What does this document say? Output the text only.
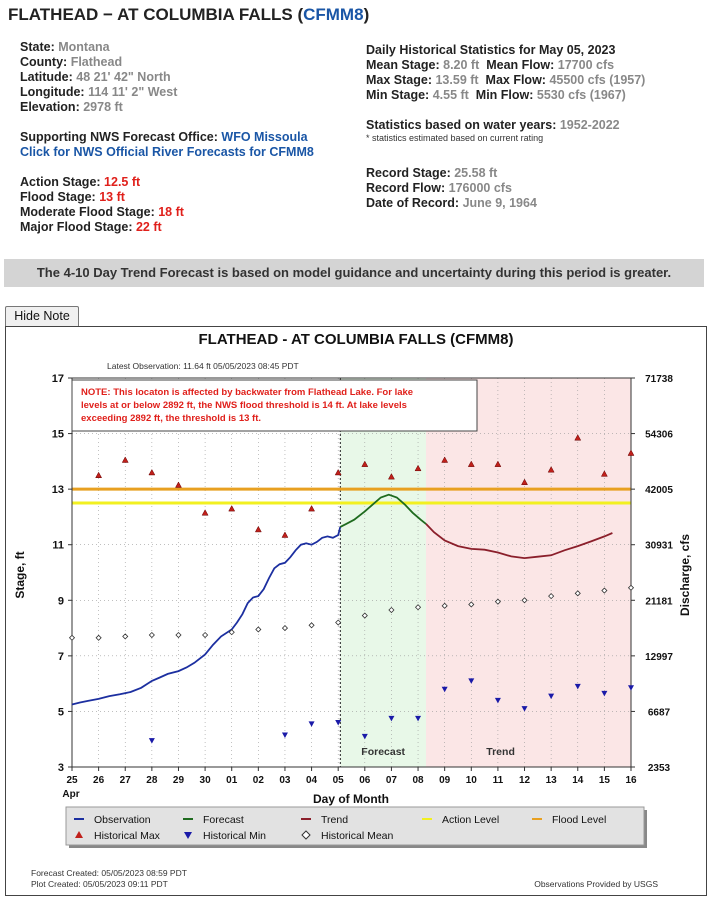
FLATHEAD − AT COLUMBIA FALLS (CFMM8)
State: Montana
County: Flathead
Latitude: 48 21' 42" North
Longitude: 114 11' 2" West
Elevation: 2978 ft
Supporting NWS Forecast Office: WFO Missoula
Click for NWS Official River Forecasts for CFMM8
Action Stage: 12.5 ft
Flood Stage: 13 ft
Moderate Flood Stage: 18 ft
Major Flood Stage: 22 ft
Daily Historical Statistics for May 05, 2023
Mean Stage: 8.20 ft Mean Flow: 17700 cfs
Max Stage: 13.59 ft Max Flow: 45500 cfs (1957)
Min Stage: 4.55 ft Min Flow: 5530 cfs (1967)
Statistics based on water years: 1952-2022
* statistics estimated based on current rating
Record Stage: 25.58 ft
Record Flow: 176000 cfs
Date of Record: June 9, 1964
The 4-10 Day Trend Forecast is based on model guidance and uncertainty during this period is greater.
Hide Note
3
5
7
9
11
13
15
17
2353
6687
12997
21181
30931
42005
54306
71738
25 26 27 28 29 30 01 02 03 04 05 06 07 08 09 10 11 12 13 14 15 16
Forecast	Trend
NOTE: This locaton is affected by backwater from Flathead Lake. For lake
levels at or below 2892 ft, the NWS flood threshold is 14 ft. At lake levels
exceeding 2892 ft, the threshold is 13 ft.
Observation	Forecast	Trend	Action Level	Flood Level
Historical Max	Historical Min	Historical Mean
FLATHEAD - AT COLUMBIA FALLS (CFMM8)
Latest Observation: 11.64 ft 05/05/2023 08:45 PDT
Stage, ft	Discharge, cfs
Day of Month
Apr
Forecast Created: 05/05/2023 08:59 PDT
Plot Created: 05/05/2023 09:11 PDT	Observations Provided by USGS
